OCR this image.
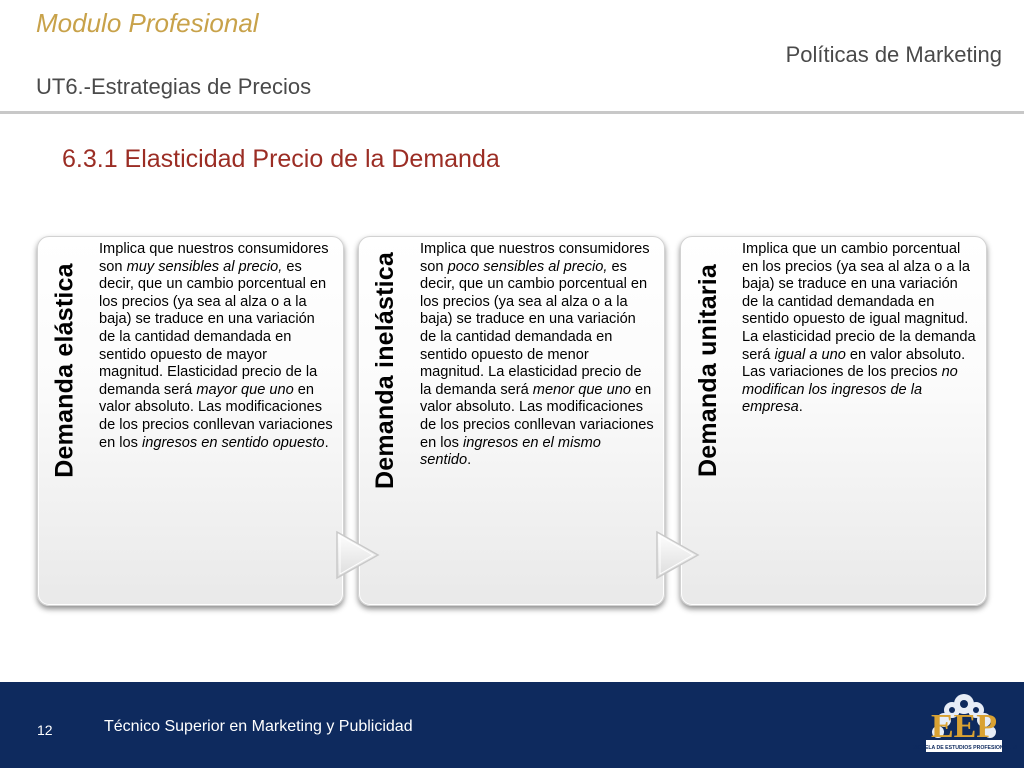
Modulo Profesional
Políticas de Marketing
UT6.-Estrategias de Precios
6.3.1 Elasticidad Precio de la Demanda
Demanda elástica
Implica que nuestros consumidores son muy sensibles al precio, es decir, que un cambio porcentual en los precios (ya sea al alza o a la baja) se traduce en una variación de la cantidad demandada en sentido opuesto de mayor magnitud. Elasticidad precio de la demanda será mayor que uno en valor absoluto. Las modificaciones de los precios conllevan variaciones en los ingresos en sentido opuesto. Demanda inelástica
Implica que nuestros consumidores son poco sensibles al precio, es decir, que un cambio porcentual en los precios (ya sea al alza o a la baja) se traduce en una variación de la cantidad demandada en sentido opuesto de menor magnitud. La elasticidad precio de la demanda será menor que uno en valor absoluto. Las modificaciones de los precios conllevan variaciones en los ingresos en el mismo sentido.	Demanda unitaria
Implica que un cambio porcentual en los precios (ya sea al alza o a la baja) se traduce en una variación de la cantidad demandada en sentido opuesto de igual magnitud. La elasticidad precio de la demanda será igual a uno en valor absoluto. Las variaciones de los precios no modifican los ingresos de la empresa.
12	Técnico Superior en Marketing y Publicidad	EEP
ESCUELA DE ESTUDIOS PROFESIONALES
